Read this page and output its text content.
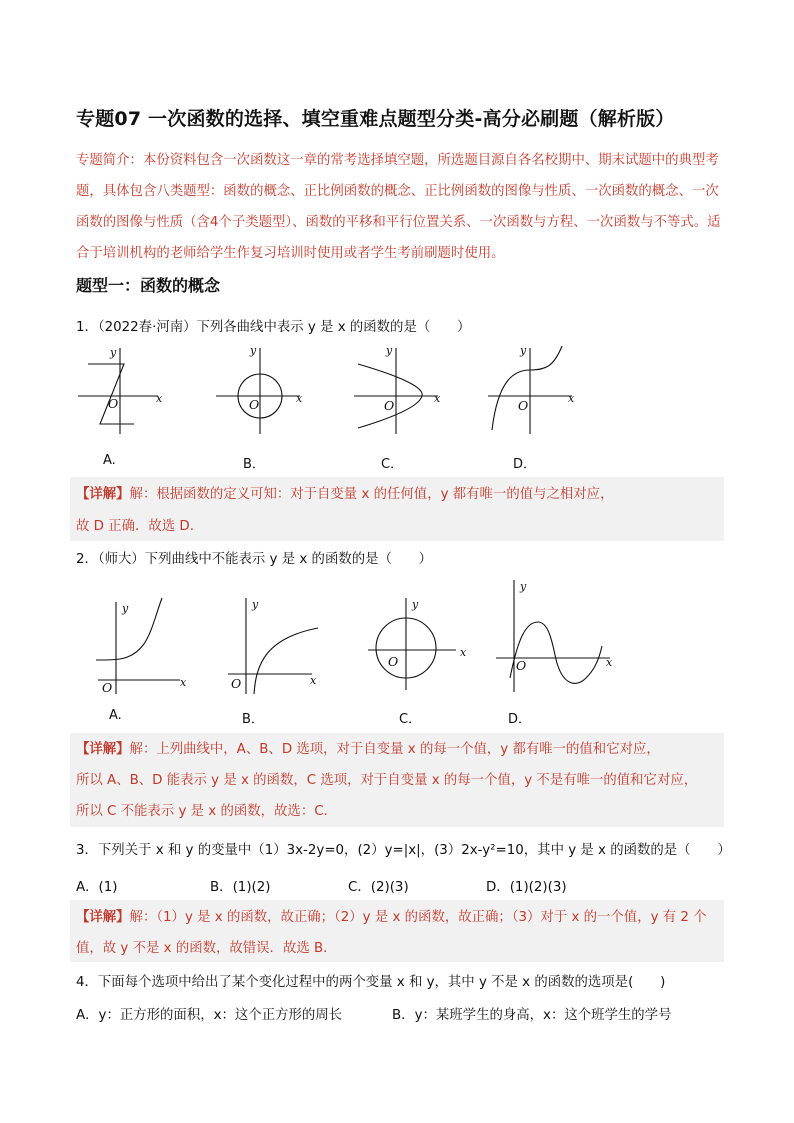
专题07 一次函数的选择、填空重难点题型分类-高分必刷题（解析版）
专题简介：本份资料包含一次函数这一章的常考选择填空题，所选题目源自各名校期中、期末试题中的典型考题，具体包含八类题型：函数的概念、正比例函数的概念、正比例函数的图像与性质、一次函数的概念、一次函数的图像与性质（含4个子类题型）、函数的平移和平行位置关系、一次函数与方程、一次函数与不等式。适合于培训机构的老师给学生作复习培训时使用或者学生考前刷题时使用。
题型一：函数的概念
1．（2022春·河南）下列各曲线中表示 y 是 x 的函数的是（　　）
y
x
O
A.
y
x
O
B．
y
x
O
C．
y
x
O
D．
【详解】解：根据函数的定义可知：对于自变量 x 的任何值，y 都有唯一的值与之相对应，
故 D 正确．故选 D．
2．（师大）下列曲线中不能表示 y 是 x 的函数的是（　　）
y
x
O
A.
y
x
O
B．
y
x
O
C．
y
x
O
D．
【详解】解：上列曲线中，A、B、D 选项，对于自变量 x 的每一个值，y 都有唯一的值和它对应，
所以 A、B、D 能表示 y 是 x 的函数，C 选项，对于自变量 x 的每一个值，y 不是有唯一的值和它对应，
所以 C 不能表示 y 是 x 的函数，故选：C．
3．下列关于 x 和 y 的变量中（1）3x-2y=0，(2）y=|x|，(3）2x-y²=10，其中 y 是 x 的函数的是（　　）
A．(1)	B．(1)(2)	C．(2)(3)	D．(1)(2)(3)
【详解】解：（1）y 是 x 的函数，故正确；（2）y 是 x 的函数，故正确；（3）对于 x 的一个值，y 有 2 个
值，故 y 不是 x 的函数，故错误．故选 B．
4．下面每个选项中给出了某个变化过程中的两个变量 x 和 y，其中 y 不是 x 的函数的选项是(　　)
A．y：正方形的面积，x：这个正方形的周长	B．y：某班学生的身高，x：这个班学生的学号
